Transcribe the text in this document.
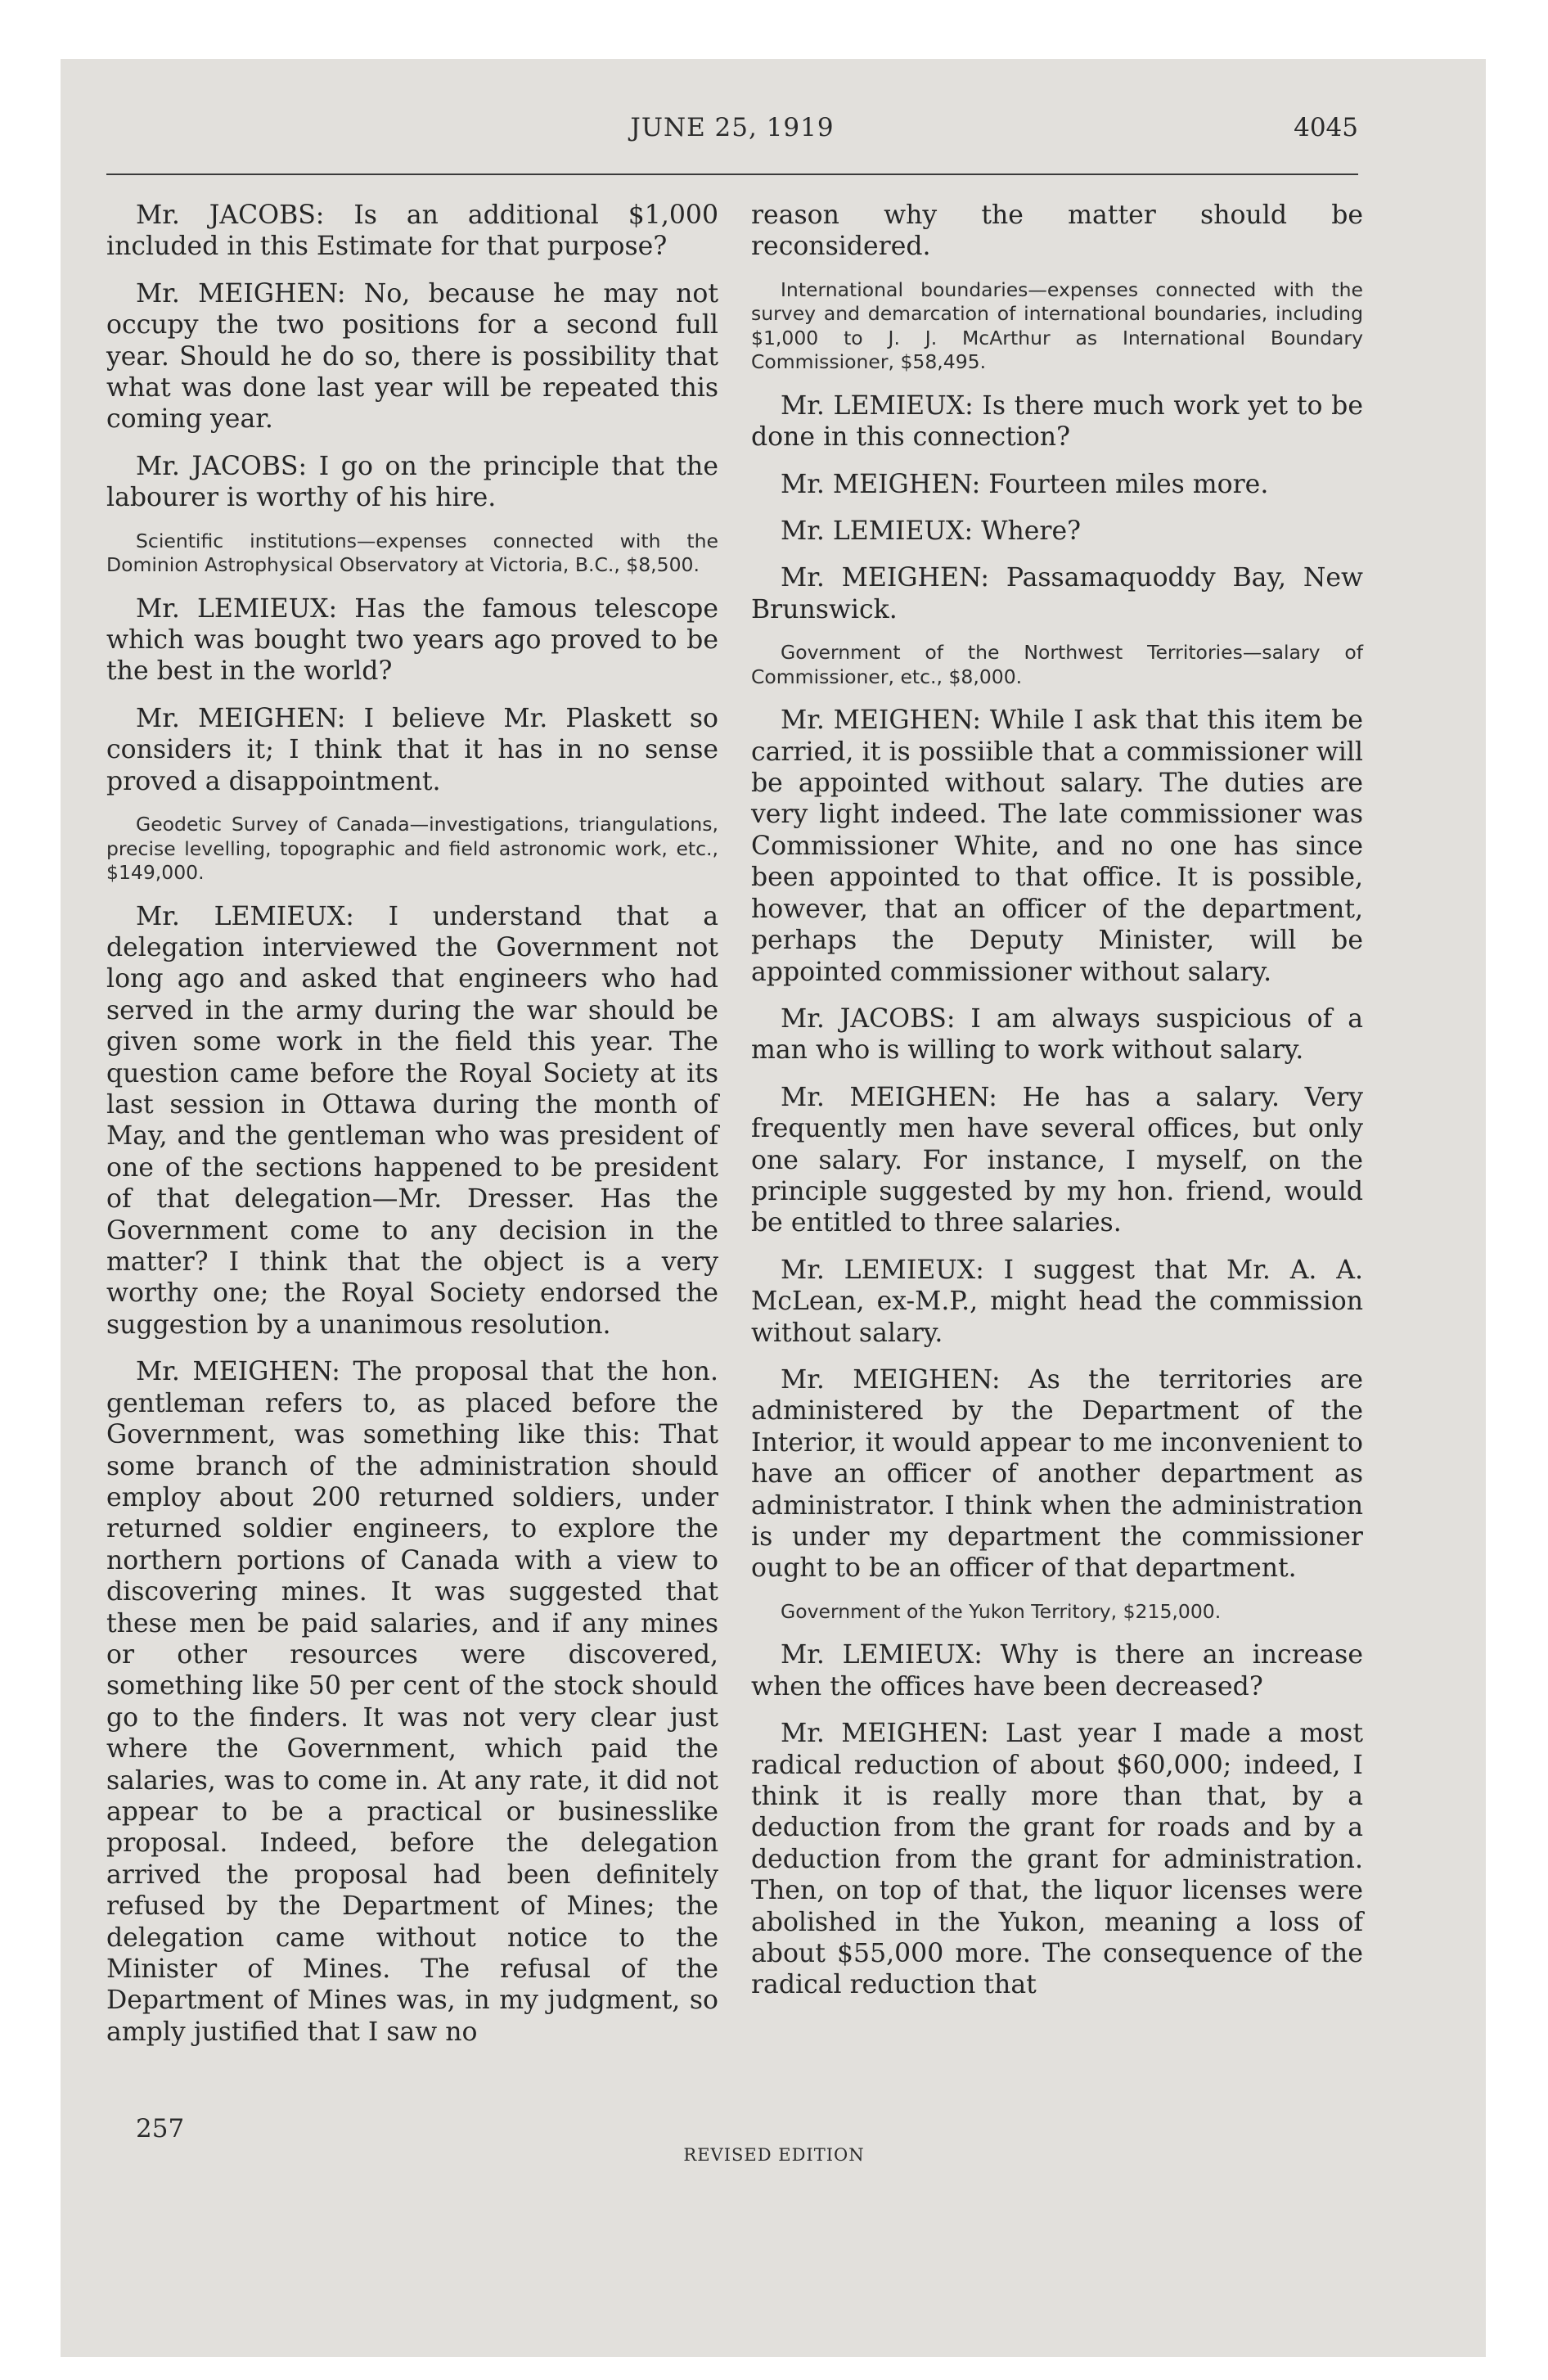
JUNE 25, 1919	4045

Mr. JACOBS: Is an additional $1,000 included in this Estimate for that purpose?

Mr. MEIGHEN: No, because he may not occupy the two positions for a second full year. Should he do so, there is possibility that what was done last year will be repeated this coming year.

Mr. JACOBS: I go on the principle that the labourer is worthy of his hire.

Scientific institutions—expenses connected with the Dominion Astrophysical Observatory at Victoria, B.C., $8,500.

Mr. LEMIEUX: Has the famous telescope which was bought two years ago proved to be the best in the world?

Mr. MEIGHEN: I believe Mr. Plaskett so considers it; I think that it has in no sense proved a disappointment.

Geodetic Survey of Canada—investigations, triangulations, precise levelling, topographic and field astronomic work, etc., $149,000.

Mr. LEMIEUX: I understand that a delegation interviewed the Government not long ago and asked that engineers who had served in the army during the war should be given some work in the field this year. The question came before the Royal Society at its last session in Ottawa during the month of May, and the gentleman who was president of one of the sections happened to be president of that delegation—Mr. Dresser. Has the Government come to any decision in the matter? I think that the object is a very worthy one; the Royal Society endorsed the suggestion by a unanimous resolution.

Mr. MEIGHEN: The proposal that the hon. gentleman refers to, as placed before the Government, was something like this: That some branch of the administration should employ about 200 returned soldiers, under returned soldier engineers, to explore the northern portions of Canada with a view to discovering mines. It was suggested that these men be paid salaries, and if any mines or other resources were discovered, something like 50 per cent of the stock should go to the finders. It was not very clear just where the Government, which paid the salaries, was to come in. At any rate, it did not appear to be a practical or businesslike proposal. Indeed, before the delegation arrived the proposal had been definitely refused by the Department of Mines; the delegation came without notice to the Minister of Mines. The refusal of the Department of Mines was, in my judgment, so amply justified that I saw no

reason why the matter should be reconsidered.

International boundaries—expenses connected with the survey and demarcation of international boundaries, including $1,000 to J. J. McArthur as International Boundary Commissioner, $58,495.

Mr. LEMIEUX: Is there much work yet to be done in this connection?

Mr. MEIGHEN: Fourteen miles more.

Mr. LEMIEUX: Where?

Mr. MEIGHEN: Passamaquoddy Bay, New Brunswick.

Government of the Northwest Territories—salary of Commissioner, etc., $8,000.

Mr. MEIGHEN: While I ask that this item be carried, it is possiible that a commissioner will be appointed without salary. The duties are very light indeed. The late commissioner was Commissioner White, and no one has since been appointed to that office. It is possible, however, that an officer of the department, perhaps the Deputy Minister, will be appointed commissioner without salary.

Mr. JACOBS: I am always suspicious of a man who is willing to work without salary.

Mr. MEIGHEN: He has a salary. Very frequently men have several offices, but only one salary. For instance, I myself, on the principle suggested by my hon. friend, would be entitled to three salaries.

Mr. LEMIEUX: I suggest that Mr. A. A. McLean, ex-M.P., might head the commission without salary.

Mr. MEIGHEN: As the territories are administered by the Department of the Interior, it would appear to me inconvenient to have an officer of another department as administrator. I think when the administration is under my department the commissioner ought to be an officer of that department.

Government of the Yukon Territory, $215,000.

Mr. LEMIEUX: Why is there an increase when the offices have been decreased?

Mr. MEIGHEN: Last year I made a most radical reduction of about $60,000; indeed, I think it is really more than that, by a deduction from the grant for roads and by a deduction from the grant for administration. Then, on top of that, the liquor licenses were abolished in the Yukon, meaning a loss of about $55,000 more. The consequence of the radical reduction that

257
REVISED EDITION
